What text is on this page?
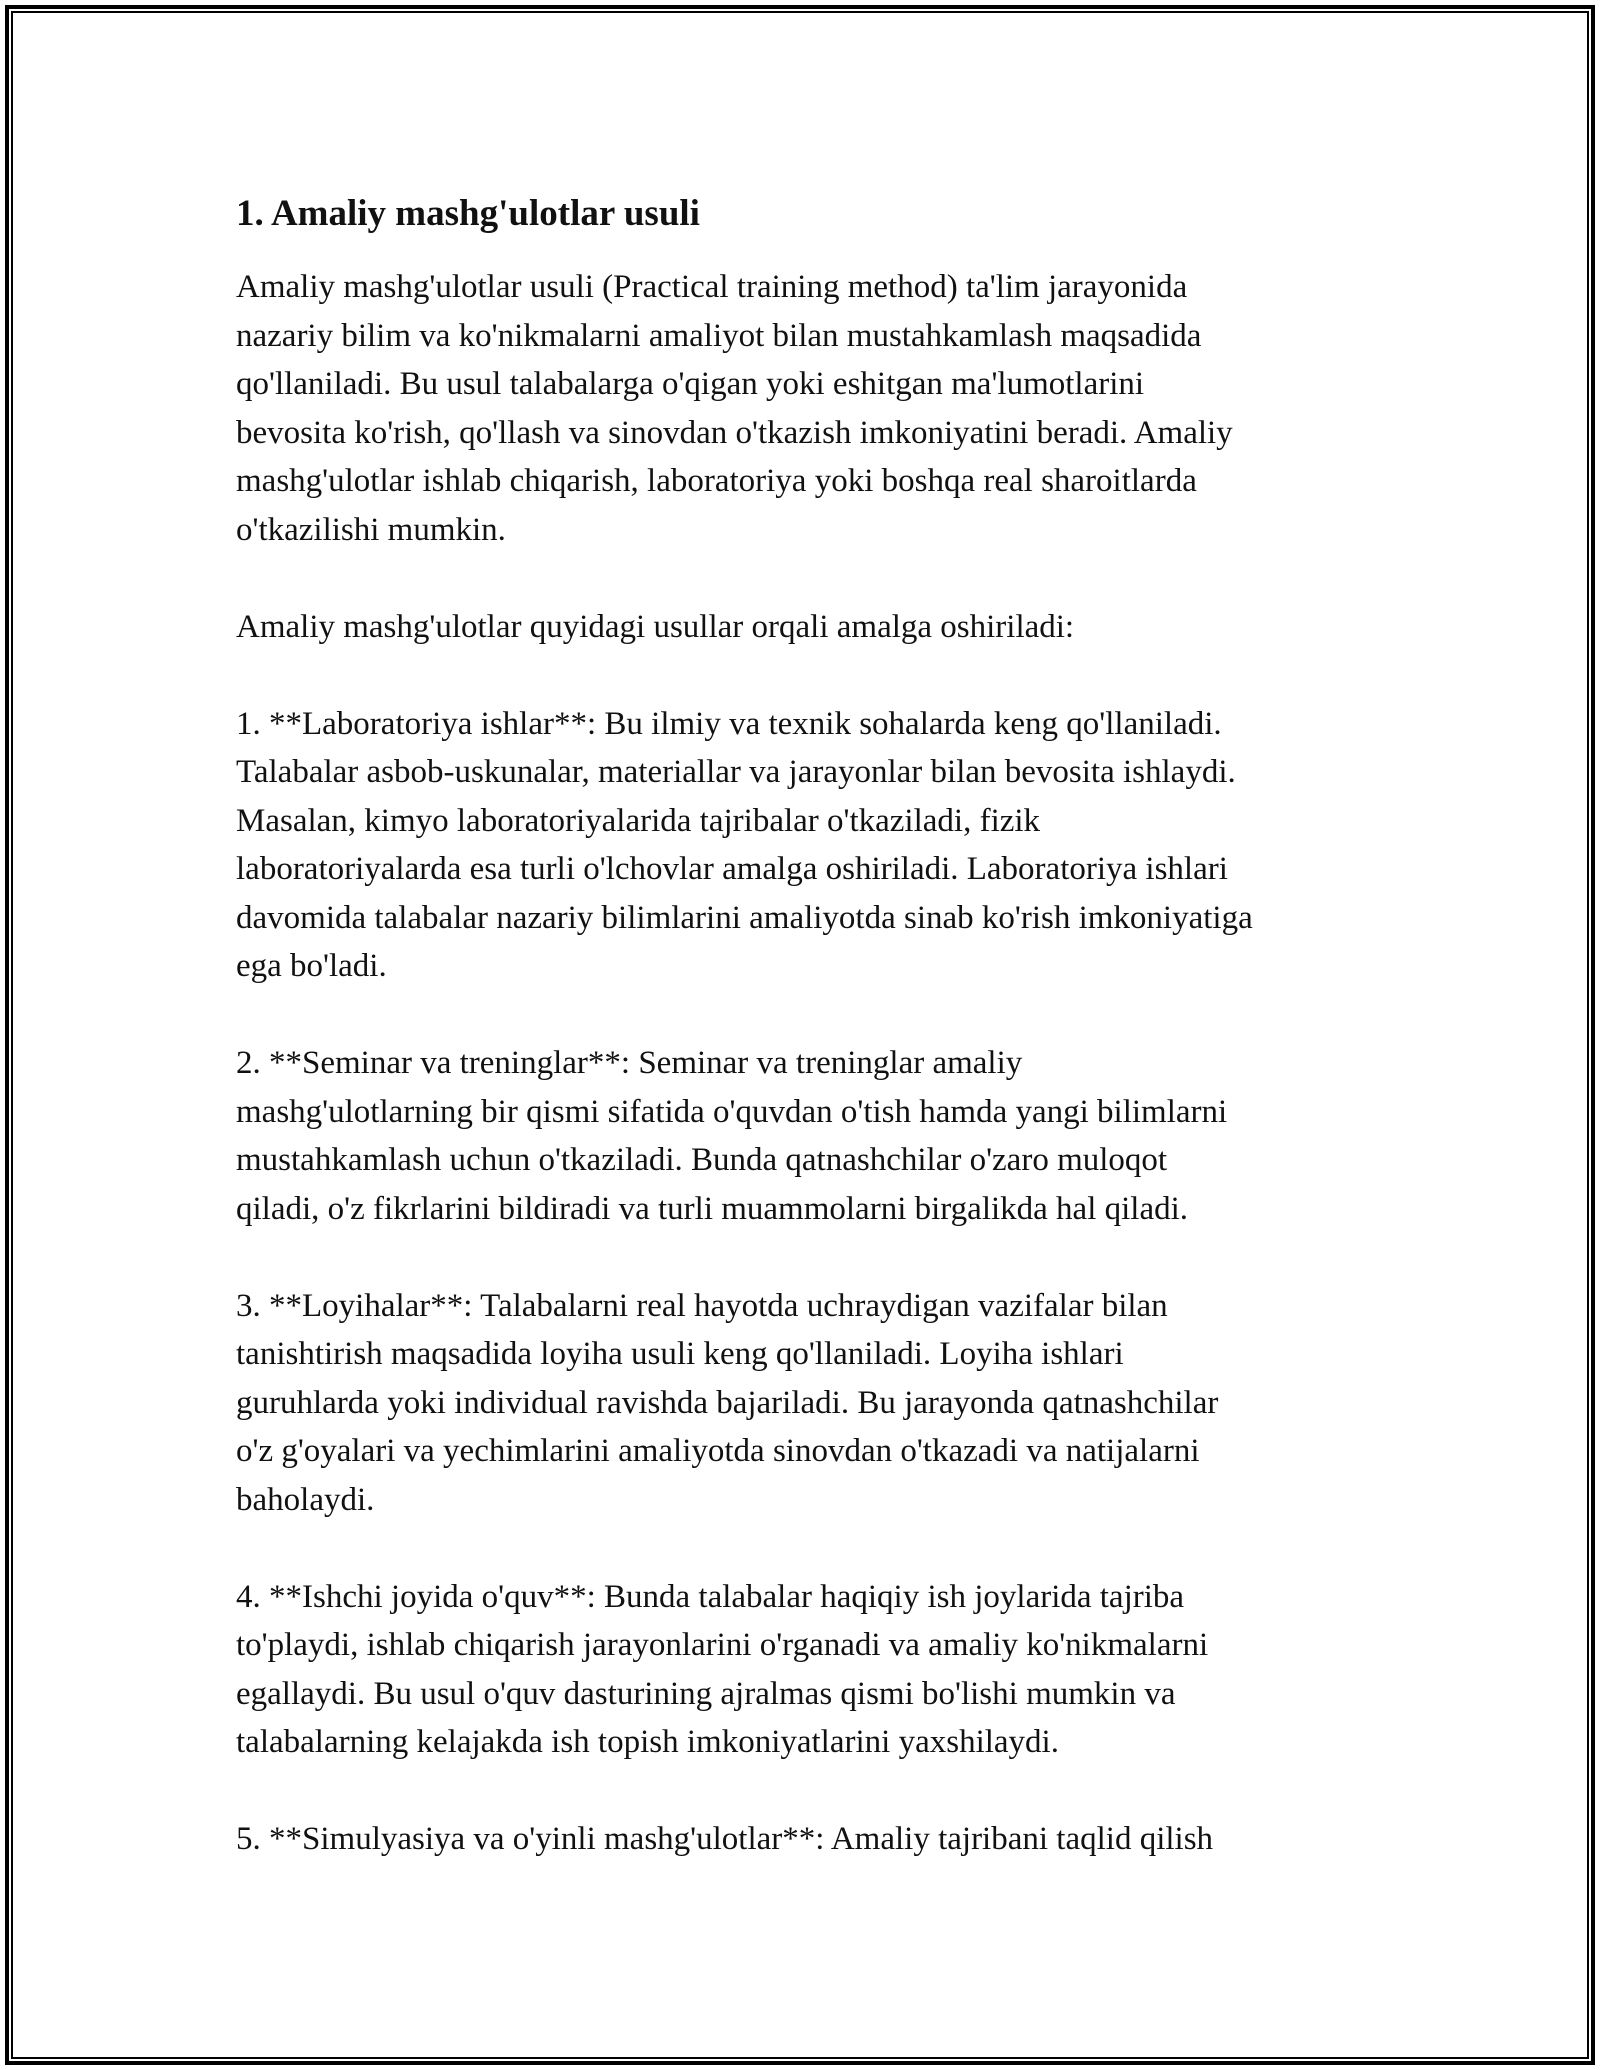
1. Amaliy mashg'ulotlar usuli

Amaliy mashg'ulotlar usuli (Practical training method) ta'lim jarayonida
nazariy bilim va ko'nikmalarni amaliyot bilan mustahkamlash maqsadida
qo'llaniladi. Bu usul talabalarga o'qigan yoki eshitgan ma'lumotlarini
bevosita ko'rish, qo'llash va sinovdan o'tkazish imkoniyatini beradi. Amaliy
mashg'ulotlar ishlab chiqarish, laboratoriya yoki boshqa real sharoitlarda
o'tkazilishi mumkin.

Amaliy mashg'ulotlar quyidagi usullar orqali amalga oshiriladi:

1. **Laboratoriya ishlar**: Bu ilmiy va texnik sohalarda keng qo'llaniladi.
Talabalar asbob-uskunalar, materiallar va jarayonlar bilan bevosita ishlaydi.
Masalan, kimyo laboratoriyalarida tajribalar o'tkaziladi, fizik
laboratoriyalarda esa turli o'lchovlar amalga oshiriladi. Laboratoriya ishlari
davomida talabalar nazariy bilimlarini amaliyotda sinab ko'rish imkoniyatiga
ega bo'ladi.

2. **Seminar va treninglar**: Seminar va treninglar amaliy
mashg'ulotlarning bir qismi sifatida o'quvdan o'tish hamda yangi bilimlarni
mustahkamlash uchun o'tkaziladi. Bunda qatnashchilar o'zaro muloqot
qiladi, o'z fikrlarini bildiradi va turli muammolarni birgalikda hal qiladi.

3. **Loyihalar**: Talabalarni real hayotda uchraydigan vazifalar bilan
tanishtirish maqsadida loyiha usuli keng qo'llaniladi. Loyiha ishlari
guruhlarda yoki individual ravishda bajariladi. Bu jarayonda qatnashchilar
o'z g'oyalari va yechimlarini amaliyotda sinovdan o'tkazadi va natijalarni
baholaydi.

4. **Ishchi joyida o'quv**: Bunda talabalar haqiqiy ish joylarida tajriba
to'playdi, ishlab chiqarish jarayonlarini o'rganadi va amaliy ko'nikmalarni
egallaydi. Bu usul o'quv dasturining ajralmas qismi bo'lishi mumkin va
talabalarning kelajakda ish topish imkoniyatlarini yaxshilaydi.

5. **Simulyasiya va o'yinli mashg'ulotlar**: Amaliy tajribani taqlid qilish
